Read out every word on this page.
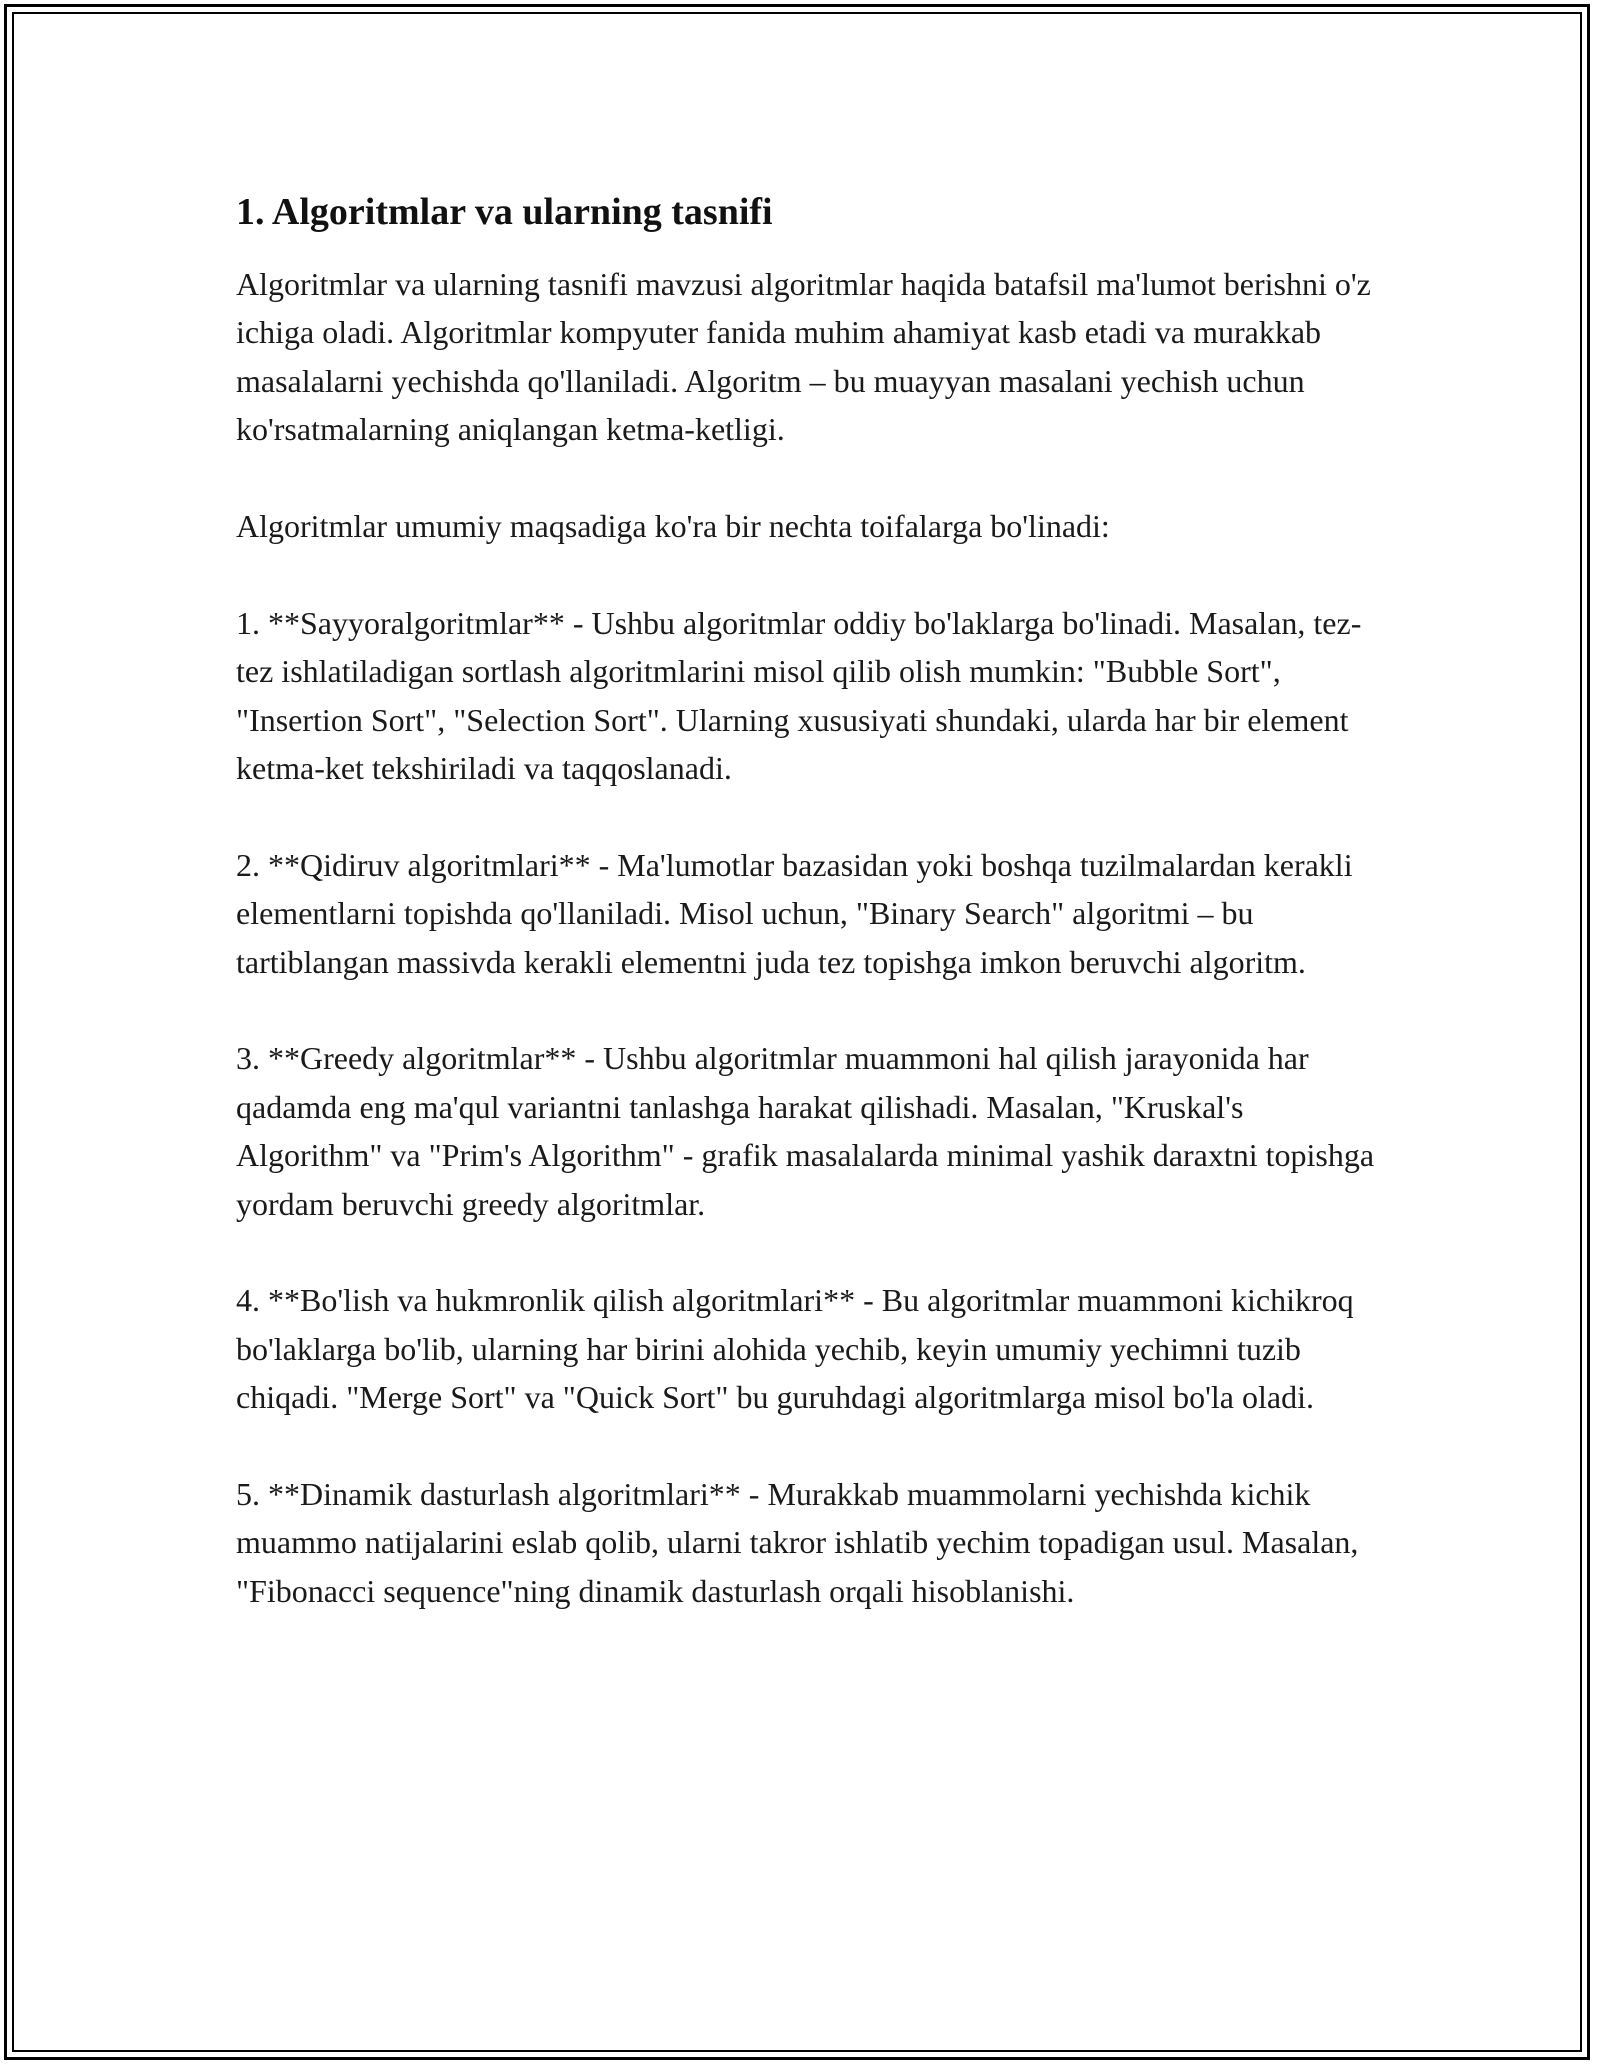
1. Algoritmlar va ularning tasnifi

Algoritmlar va ularning tasnifi mavzusi algoritmlar haqida batafsil ma'lumot berishni o'z ichiga oladi. Algoritmlar kompyuter fanida muhim ahamiyat kasb etadi va murakkab masalalarni yechishda qo'llaniladi. Algoritm – bu muayyan masalani yechish uchun ko'rsatmalarning aniqlangan ketma-ketligi.

Algoritmlar umumiy maqsadiga ko'ra bir nechta toifalarga bo'linadi:

1. **Sayyoralgoritmlar** - Ushbu algoritmlar oddiy bo'laklarga bo'linadi. Masalan, tez-tez ishlatiladigan sortlash algoritmlarini misol qilib olish mumkin: "Bubble Sort", "Insertion Sort", "Selection Sort". Ularning xususiyati shundaki, ularda har bir element ketma-ket tekshiriladi va taqqoslanadi.

2. **Qidiruv algoritmlari** - Ma'lumotlar bazasidan yoki boshqa tuzilmalardan kerakli elementlarni topishda qo'llaniladi. Misol uchun, "Binary Search" algoritmi – bu tartiblangan massivda kerakli elementni juda tez topishga imkon beruvchi algoritm.

3. **Greedy algoritmlar** - Ushbu algoritmlar muammoni hal qilish jarayonida har qadamda eng ma'qul variantni tanlashga harakat qilishadi. Masalan, "Kruskal's Algorithm" va "Prim's Algorithm" - grafik masalalarda minimal yashik daraxtni topishga yordam beruvchi greedy algoritmlar.

4. **Bo'lish va hukmronlik qilish algoritmlari** - Bu algoritmlar muammoni kichikroq bo'laklarga bo'lib, ularning har birini alohida yechib, keyin umumiy yechimni tuzib chiqadi. "Merge Sort" va "Quick Sort" bu guruhdagi algoritmlarga misol bo'la oladi.

5. **Dinamik dasturlash algoritmlari** - Murakkab muammolarni yechishda kichik muammo natijalarini eslab qolib, ularni takror ishlatib yechim topadigan usul. Masalan, "Fibonacci sequence"ning dinamik dasturlash orqali hisoblanishi.
